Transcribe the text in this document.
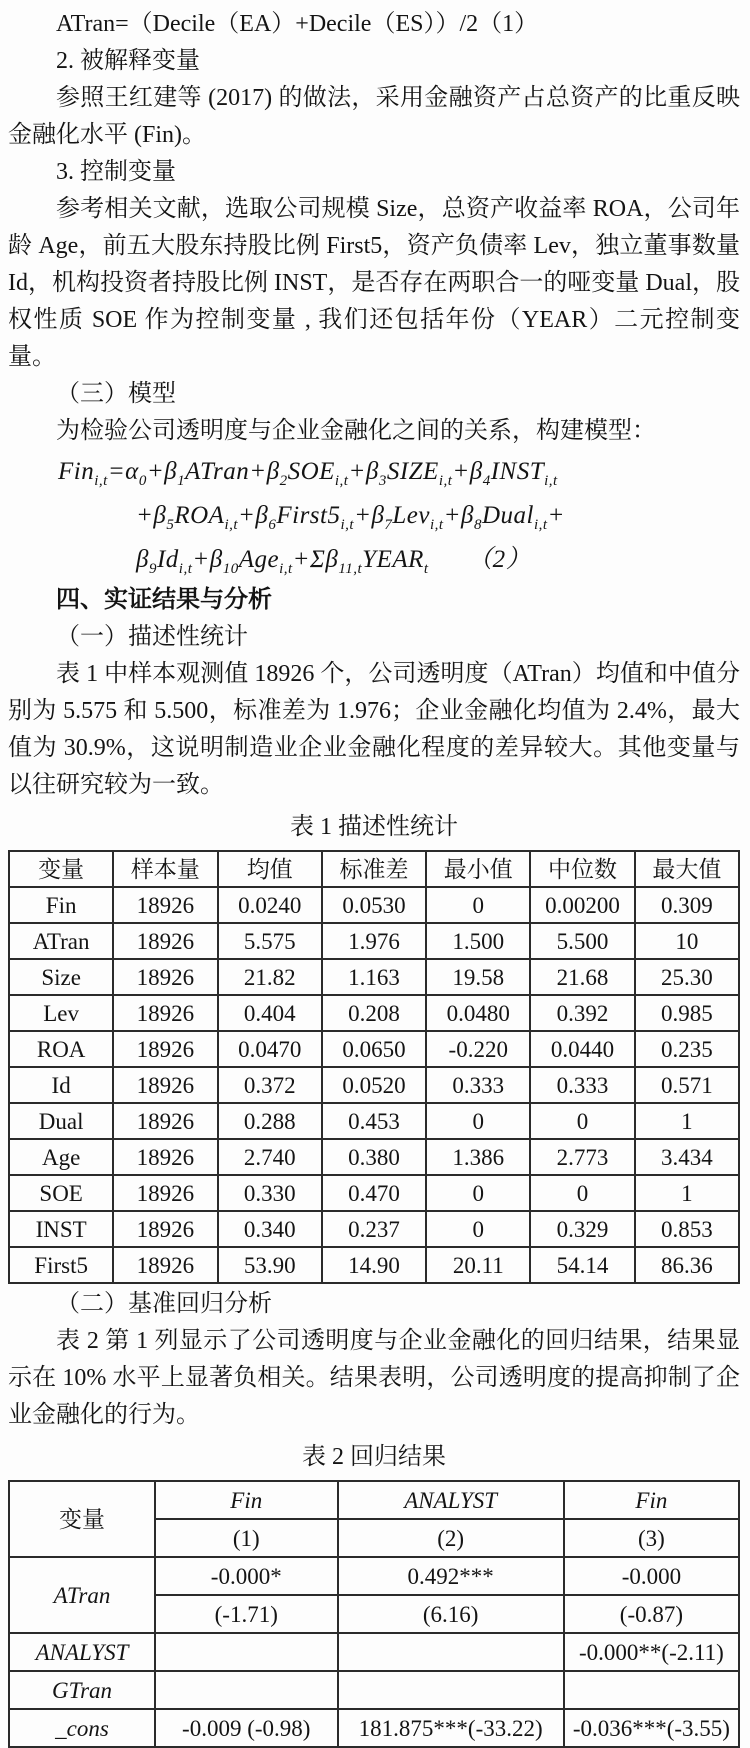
ATran=（Decile（EA）+Decile（ES））/2（1）
2. 被解释变量

参照王红建等 (2017) 的做法，采用金融资产占总资产的比重反映金融化水平 (Fin)。

3. 控制变量

参考相关文献，选取公司规模 Size，总资产收益率 ROA，公司年龄 Age，前五大股东持股比例 First5，资产负债率 Lev，独立董事数量 Id，机构投资者持股比例 INST，是否存在两职合一的哑变量 Dual，股权性质 SOE 作为控制变量 , 我们还包括年份（YEAR）二元控制变量。

（三）模型

为检验公司透明度与企业金融化之间的关系，构建模型：

$Fin_{i,t}=\alpha_0+\beta_1ATran+\beta_2SOE_{i,t}+\beta_3SIZE_{i,t}+\beta_4INST_{i,t}$
$+\beta_5ROA_{i,t}+\beta_6First5_{i,t}+\beta_7Lev_{i,t}+\beta_8Dual_{i,t}+$
$\beta_9Id_{i,t}+\beta_{10}Age_{i,t}+\Sigma\beta_{11,t}YEAR_t$　　（2）
四、实证结果与分析
（一）描述性统计

表 1 中样本观测值 18926 个，公司透明度（ATran）均值和中值分别为 5.575 和 5.500，标准差为 1.976；企业金融化均值为 2.4%，最大值为 30.9%，这说明制造业企业金融化程度的差异较大。其他变量与以往研究较为一致。

表 1 描述性统计
变量	样本量	均值	标准差	最小值	中位数	最大值
Fin	18926	0.0240	0.0530	0	0.00200	0.309
ATran	18926	5.575	1.976	1.500	5.500	10
Size	18926	21.82	1.163	19.58	21.68	25.30
Lev	18926	0.404	0.208	0.0480	0.392	0.985
ROA	18926	0.0470	0.0650	-0.220	0.0440	0.235
Id	18926	0.372	0.0520	0.333	0.333	0.571
Dual	18926	0.288	0.453	0	0	1
Age	18926	2.740	0.380	1.386	2.773	3.434
SOE	18926	0.330	0.470	0	0	1
INST	18926	0.340	0.237	0	0.329	0.853
First5	18926	53.90	14.90	20.11	54.14	86.36
（二）基准回归分析

表 2 第 1 列显示了公司透明度与企业金融化的回归结果，结果显示在 10% 水平上显著负相关。结果表明，公司透明度的提高抑制了企业金融化的行为。

表 2 回归结果
变量	Fin	ANALYST	Fin
	(1)	(2)	(3)
ATran	-0.000*	0.492***	-0.000
	(-1.71)	(6.16)	(-0.87)
ANALYST			-0.000**(-2.11)
GTran			
_cons	-0.009 (-0.98)	181.875***(-33.22)	-0.036***(-3.55)
